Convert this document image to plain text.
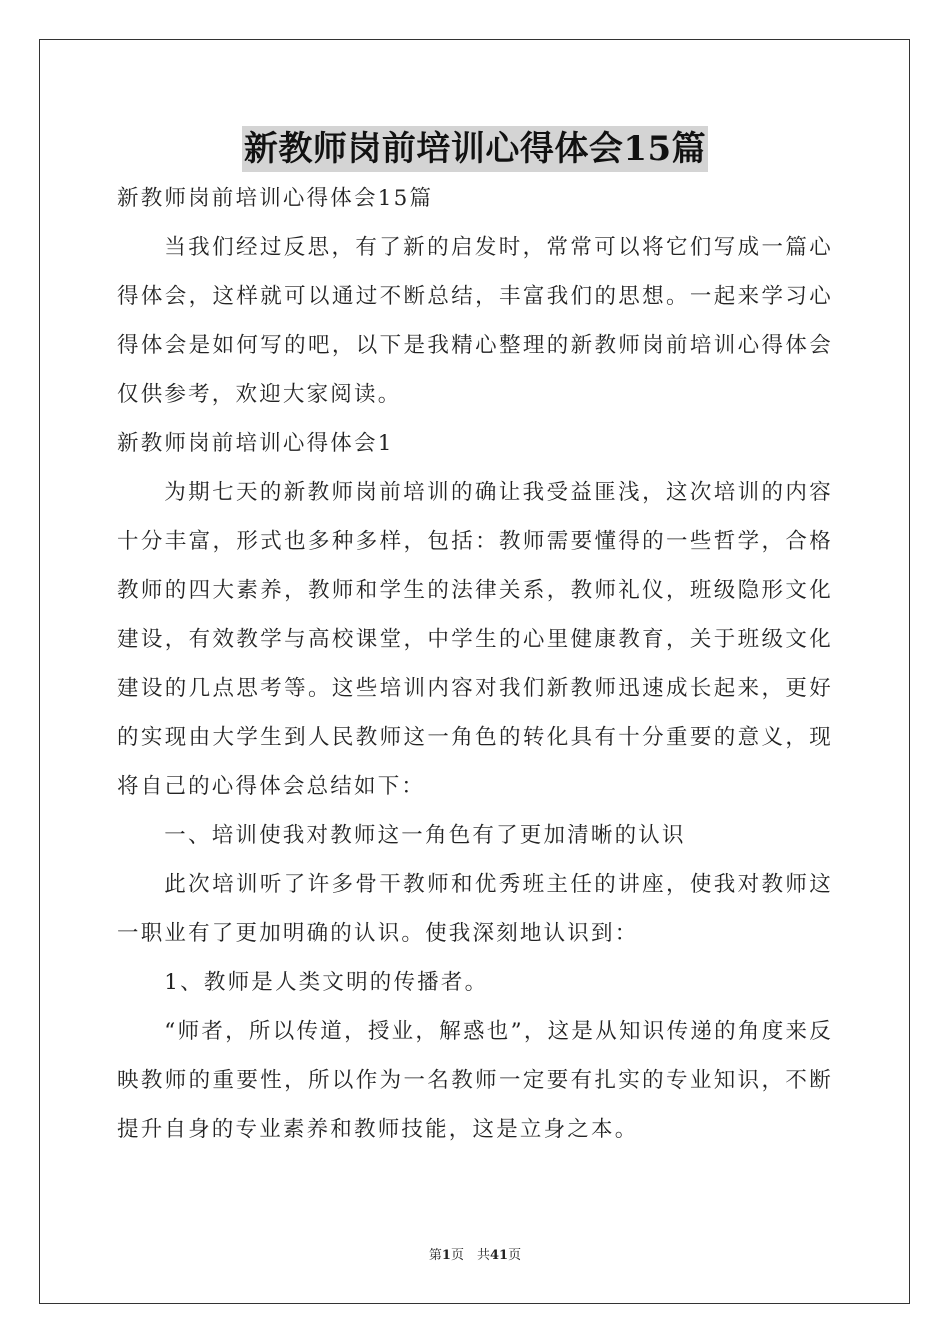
新教师岗前培训心得体会15篇

新教师岗前培训心得体会15篇

当我们经过反思，有了新的启发时，常常可以将它们写成一篇心得体会，这样就可以通过不断总结，丰富我们的思想。一起来学习心得体会是如何写的吧，以下是我精心整理的新教师岗前培训心得体会仅供参考，欢迎大家阅读。

新教师岗前培训心得体会1

为期七天的新教师岗前培训的确让我受益匪浅，这次培训的内容十分丰富，形式也多种多样，包括：教师需要懂得的一些哲学，合格教师的四大素养，教师和学生的法律关系，教师礼仪，班级隐形文化建设，有效教学与高校课堂，中学生的心里健康教育，关于班级文化建设的几点思考等。这些培训内容对我们新教师迅速成长起来，更好的实现由大学生到人民教师这一角色的转化具有十分重要的意义，现将自己的心得体会总结如下：

一、培训使我对教师这一角色有了更加清晰的认识

此次培训听了许多骨干教师和优秀班主任的讲座，使我对教师这一职业有了更加明确的认识。使我深刻地认识到：

1、教师是人类文明的传播者。

“师者，所以传道，授业，解惑也”，这是从知识传递的角度来反映教师的重要性，所以作为一名教师一定要有扎实的专业知识，不断提升自身的专业素养和教师技能，这是立身之本。

第1页　共41页
